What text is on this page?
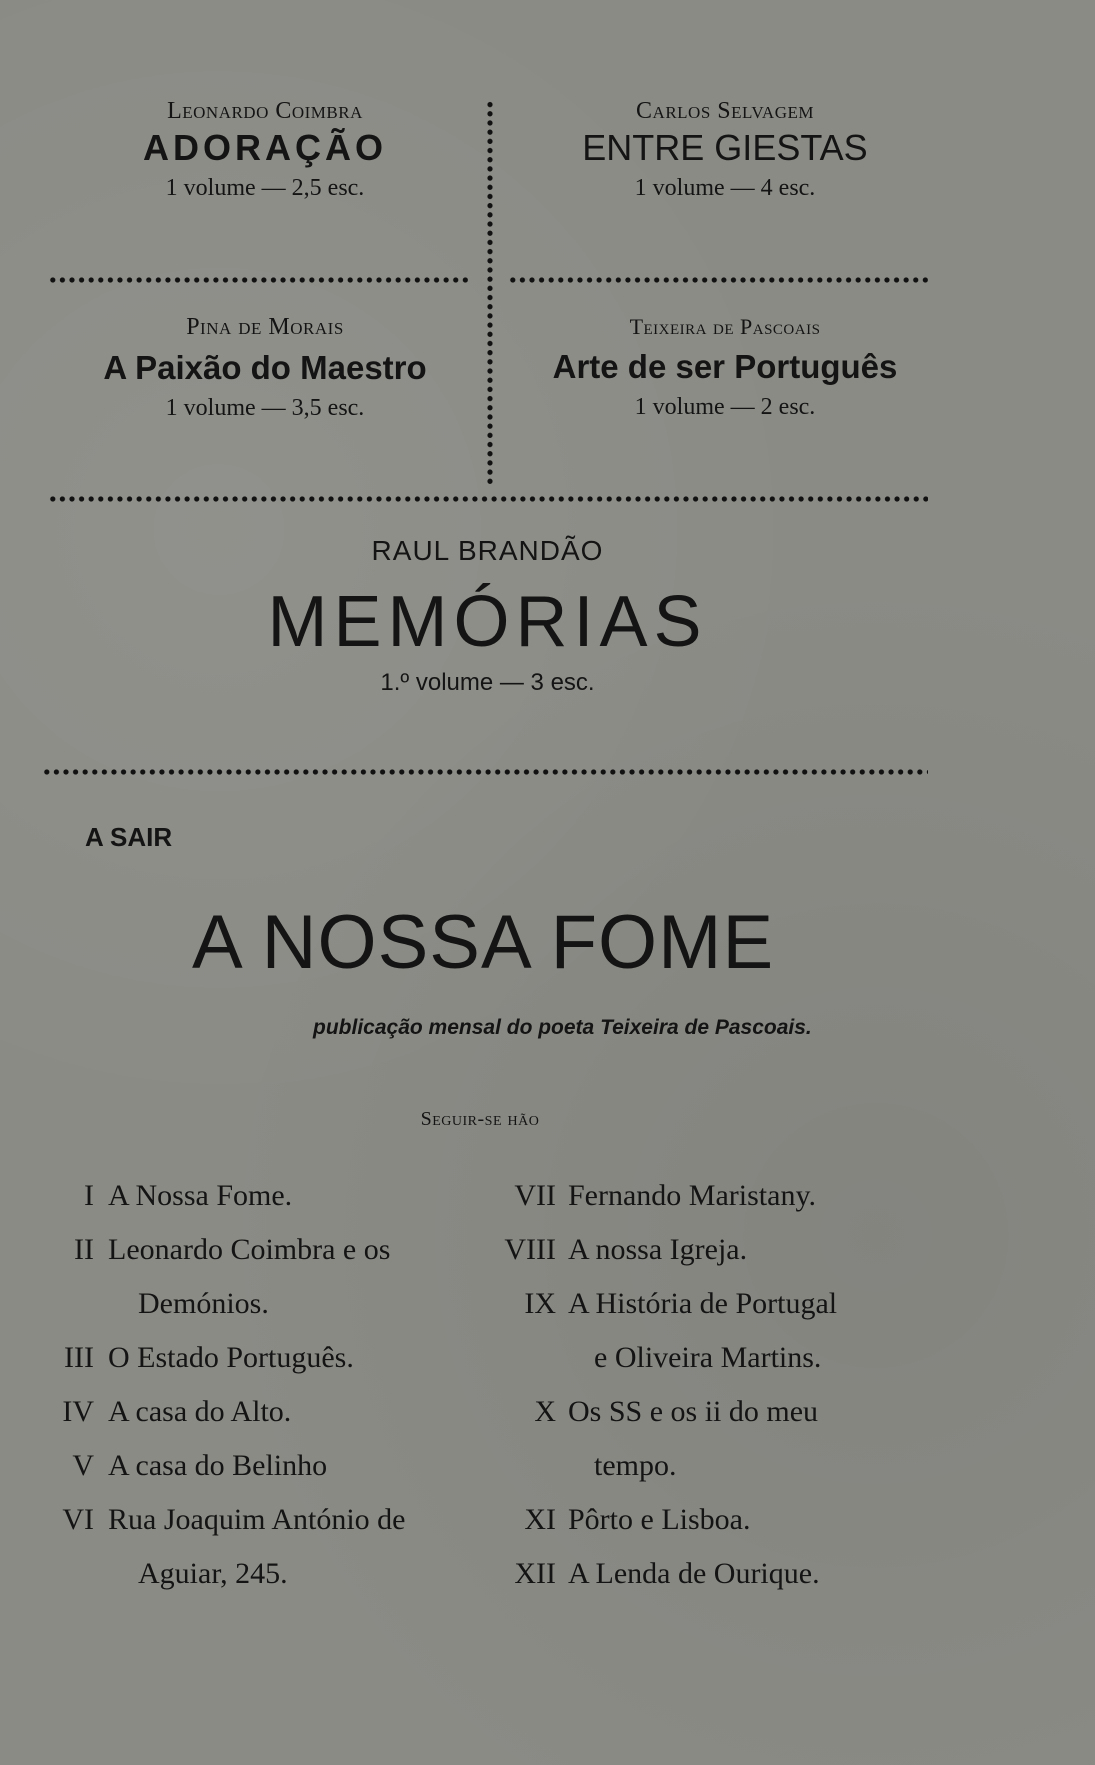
Leonardo Coimbra
ADORAÇÃO
1 volume — 2,5 esc.
Carlos Selvagem
ENTRE GIESTAS
1 volume — 4 esc.
Pina de Morais
A Paixão do Maestro
1 volume — 3,5 esc.
Teixeira de Pascoais
Arte de ser Português
1 volume — 2 esc.
RAUL BRANDÃO
MEMÓRIAS
1.º volume — 3 esc.
A SAIR
A NOSSA FOME
publicação mensal do poeta Teixeira de Pascoais.
Seguir-se hão
I A Nossa Fome.
II Leonardo Coimbra e os
Demónios.
III O Estado Português.
IV A casa do Alto.
V A casa do Belinho
VI Rua Joaquim António de
Aguiar, 245.
VII Fernando Maristany.
VIII A nossa Igreja.
IX A História de Portugal
e Oliveira Martins.
X Os SS e os ii do meu
tempo.
XI Pôrto e Lisboa.
XII A Lenda de Ourique.
